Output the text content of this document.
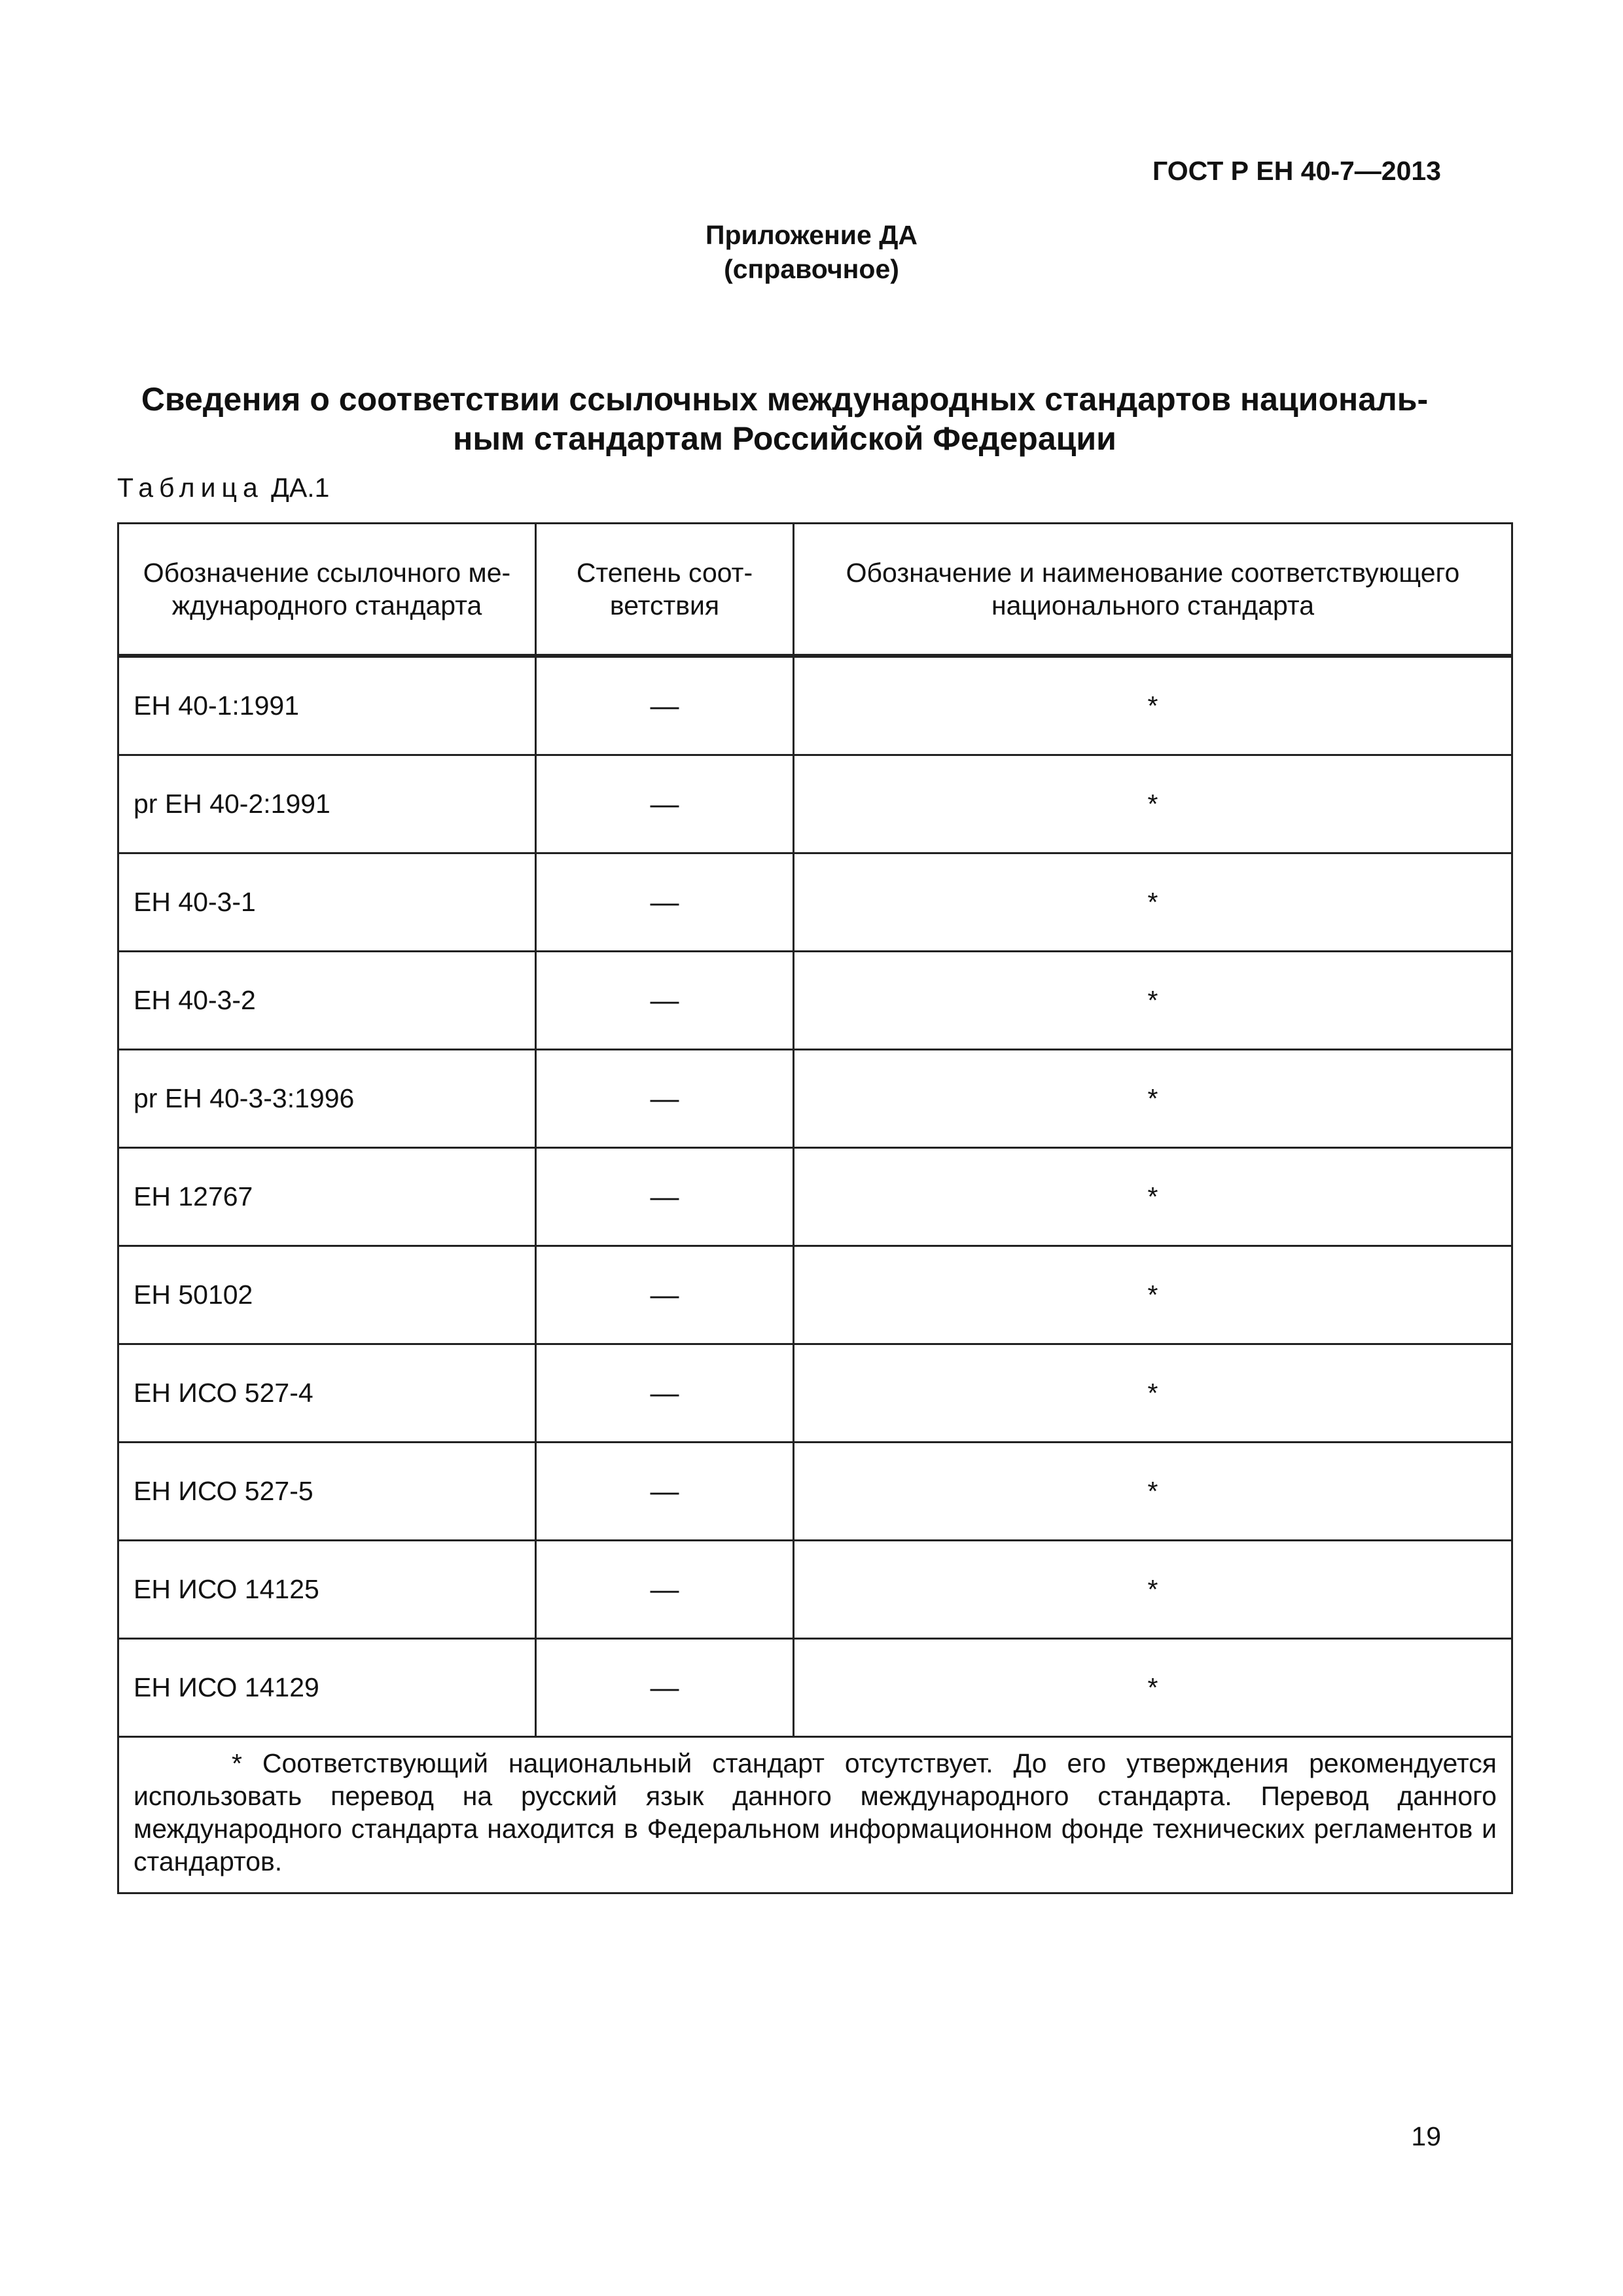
ГОСТ Р ЕН 40-7—2013
Приложение ДА
(справочное)
Сведения о соответствии ссылочных международных стандартов националь-
ным стандартам Российской Федерации
Таблица ДА.1
Обозначение ссылочного ме-ждународного стандарта	Степень соот-ветствия	Обозначение и наименование соответствующего национального стандарта
ЕН 40-1:1991	—	*
pr ЕН 40-2:1991	—	*
ЕН 40-3-1	—	*
ЕН 40-3-2	—	*
pr ЕН 40-3-3:1996	—	*
ЕН 12767	—	*
ЕН 50102	—	*
ЕН ИСО 527-4	—	*
ЕН ИСО 527-5	—	*
ЕН ИСО 14125	—	*
ЕН ИСО 14129	—	*
* Соответствующий национальный стандарт отсутствует. До его утверждения рекомендуется использовать перевод на русский язык данного международного стандарта. Перевод данного международного стандарта находится в Федеральном информационном фонде технических регламентов и стандартов.		
19
